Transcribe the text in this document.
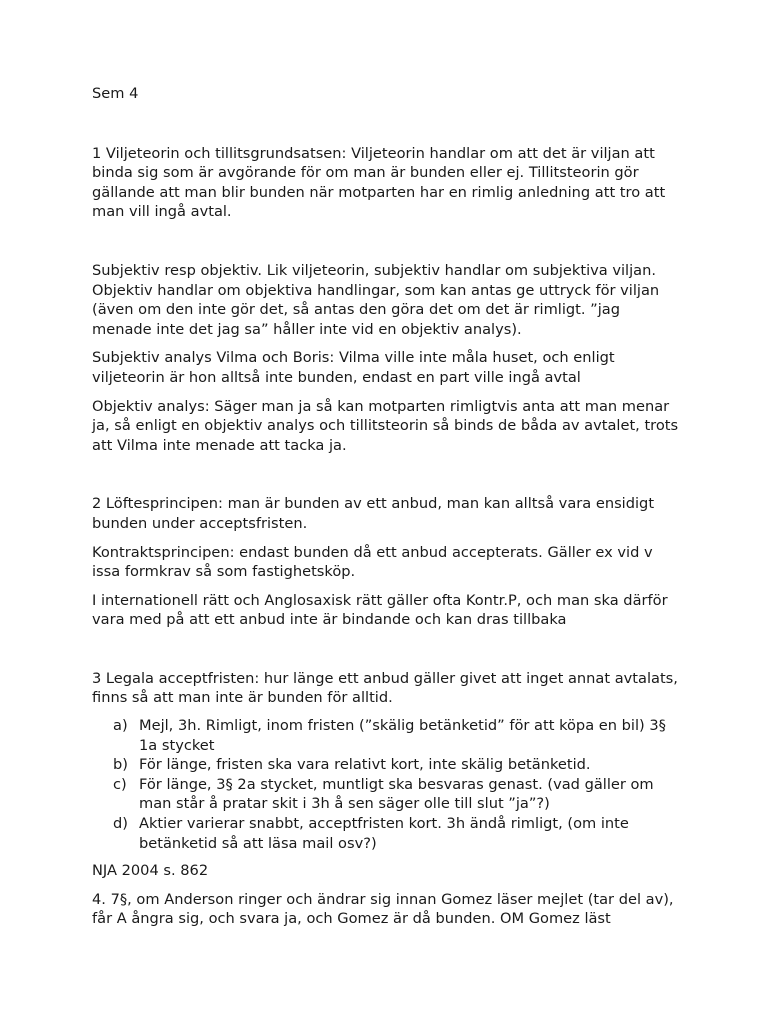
Sem 4

1 Viljeteorin och tillitsgrundsatsen: Viljeteorin handlar om att det är viljan att binda sig som är avgörande för om man är bunden eller ej. Tillitsteorin gör gällande att man blir bunden när motparten har en rimlig anledning att tro att man vill ingå avtal.

Subjektiv resp objektiv. Lik viljeteorin, subjektiv handlar om subjektiva viljan. Objektiv handlar om objektiva handlingar, som kan antas ge uttryck för viljan (även om den inte gör det, så antas den göra det om det är rimligt. ”jag menade inte det jag sa” håller inte vid en objektiv analys).

Subjektiv analys Vilma och Boris: Vilma ville inte måla huset, och enligt viljeteorin är hon alltså inte bunden, endast en part ville ingå avtal

Objektiv analys: Säger man ja så kan motparten rimligtvis anta att man menar ja, så enligt en objektiv analys och tillitsteorin så binds de båda av avtalet, trots att Vilma inte menade att tacka ja.

2 Löftesprincipen: man är bunden av ett anbud, man kan alltså vara ensidigt bunden under acceptsfristen.

Kontraktsprincipen: endast bunden då ett anbud accepterats. Gäller ex vid v issa formkrav så som fastighetsköp.

I internationell rätt och Anglosaxisk rätt gäller ofta Kontr.P, och man ska därför vara med på att ett anbud inte är bindande och kan dras tillbaka

3 Legala acceptfristen: hur länge ett anbud gäller givet att inget annat avtalats, finns så att man inte är bunden för alltid.

a) Mejl, 3h. Rimligt, inom fristen (”skälig betänketid” för att köpa en bil) 3§ 1a stycket
b) För länge, fristen ska vara relativt kort, inte skälig betänketid.
c) För länge, 3§ 2a stycket, muntligt ska besvaras genast. (vad gäller om man står å pratar skit i 3h å sen säger olle till slut ”ja”?)
d) Aktier varierar snabbt, acceptfristen kort. 3h ändå rimligt, (om inte betänketid så att läsa mail osv?)

NJA 2004 s. 862

4. 7§, om Anderson ringer och ändrar sig innan Gomez läser mejlet (tar del av), får A ångra sig, och svara ja, och Gomez är då bunden. OM Gomez läst
